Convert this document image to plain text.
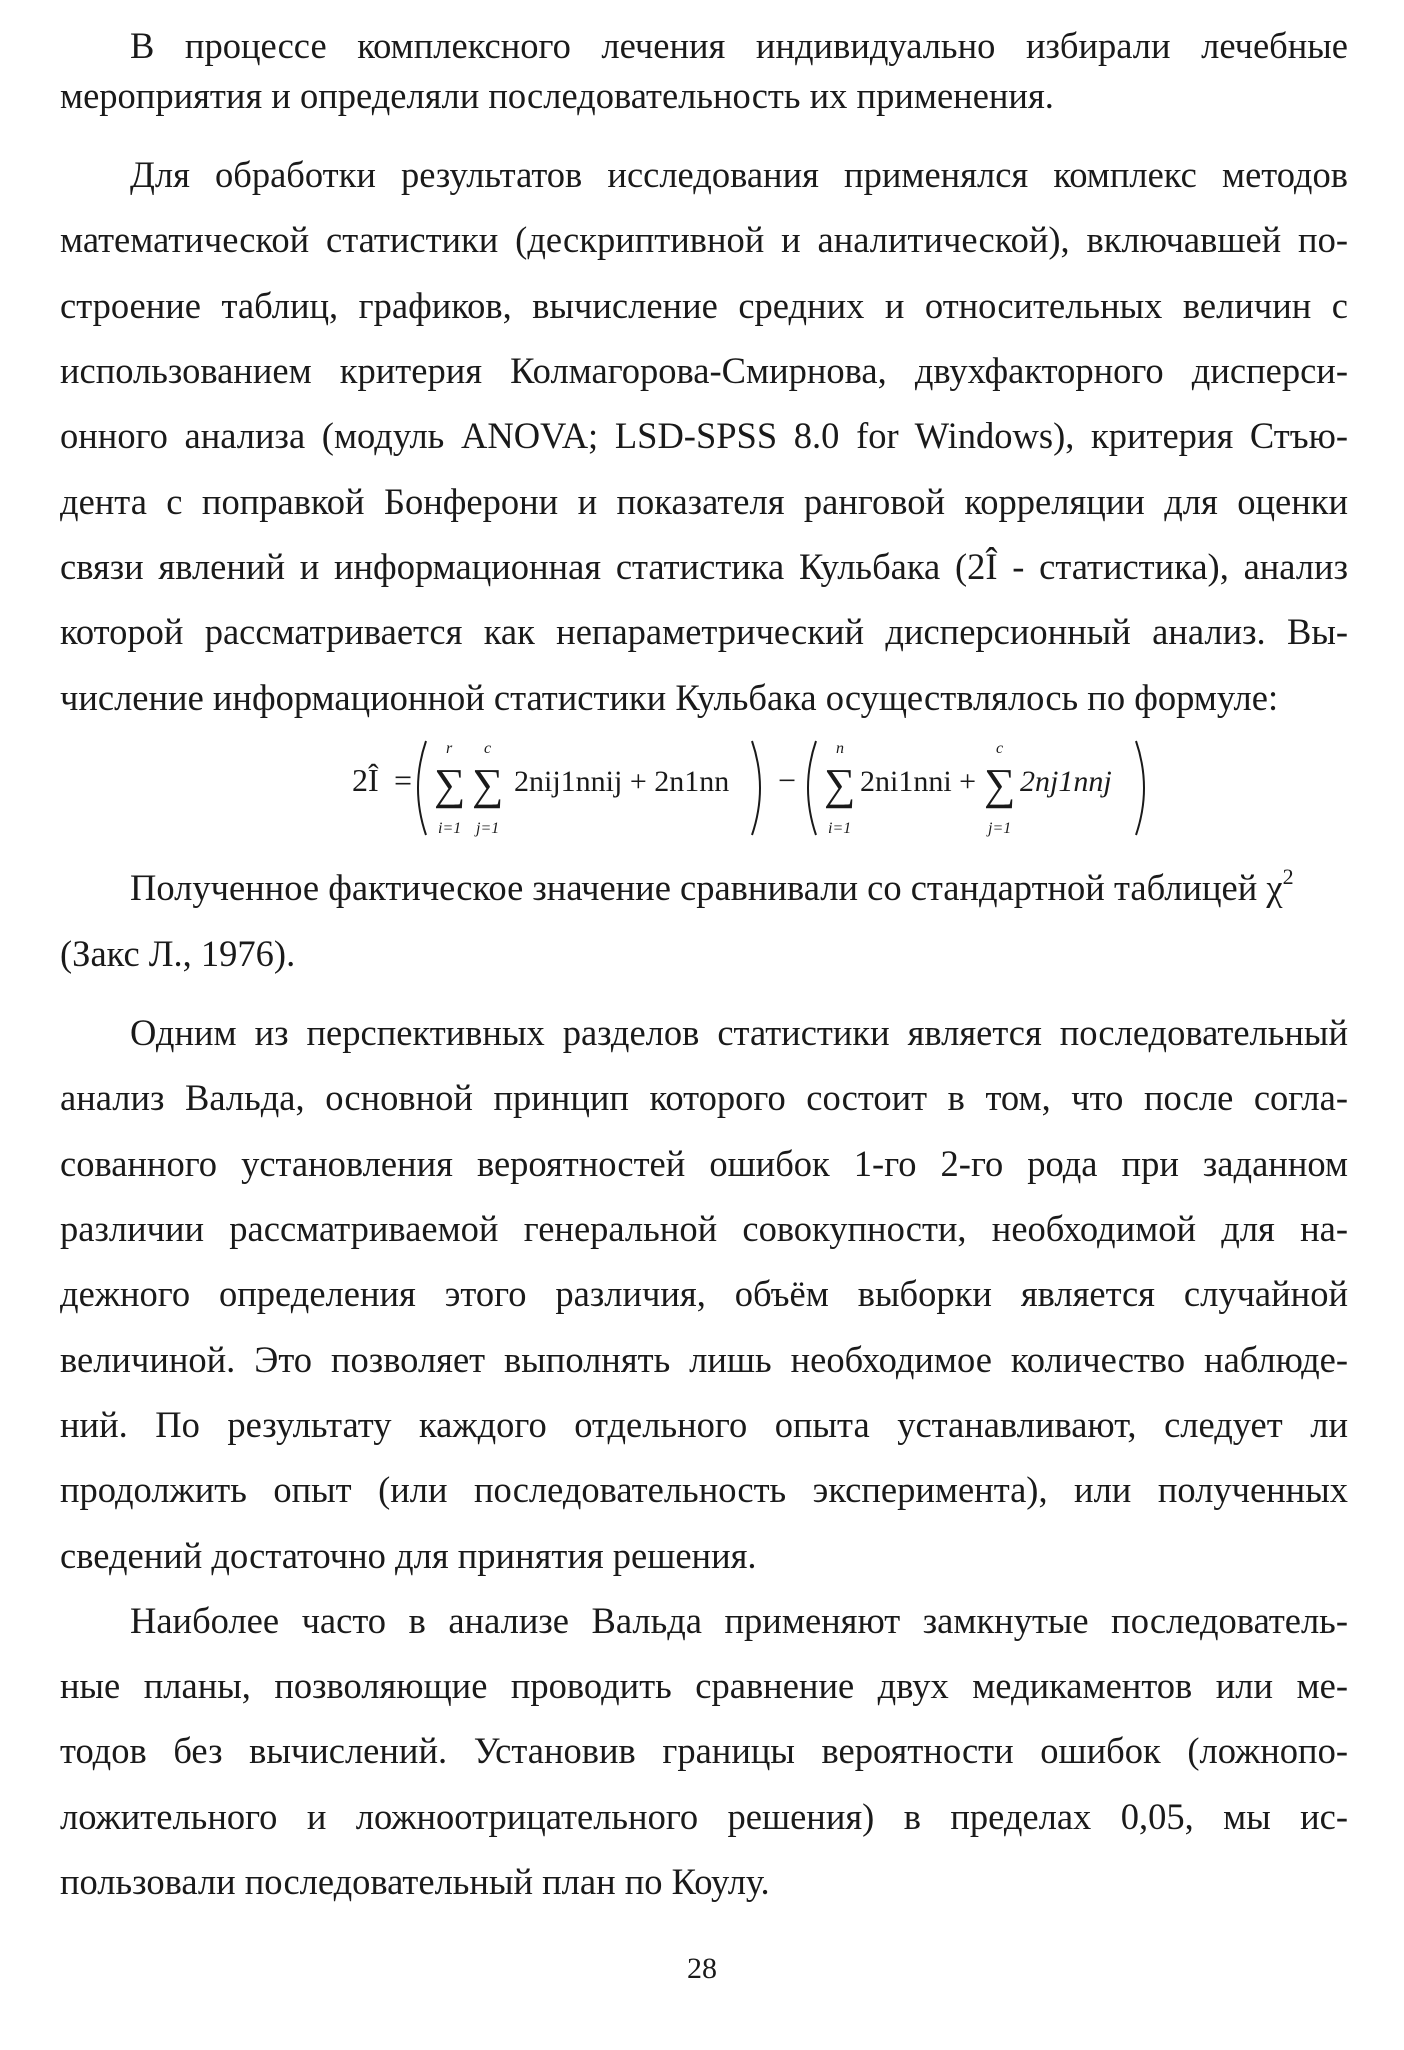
В процессе комплексного лечения индивидуально избирали лечебные
мероприятия и определяли последовательность их применения.
Для обработки результатов исследования применялся комплекс методов
математической статистики (дескриптивной и аналитической), включавшей по-
строение таблиц, графиков, вычисление средних и относительных величин с
использованием критерия Колмагорова-Смирнова, двухфакторного дисперси-
онного анализа (модуль ANOVA; LSD-SPSS 8.0 for Windows), критерия Стъю-
дента с поправкой Бонферони и показателя ранговой корреляции для оценки
связи явлений и информационная статистика Кульбака (2Î - статистика), анализ
которой рассматривается как непараметрический дисперсионный анализ. Вы-
числение информационной статистики Кульбака осуществлялось по формуле:
2Î = ∑
r
i=1
∑
c
j=1
2nij1nnij + 2n1nn − ∑
n
i=1
2ni1nni + ∑
c
j=1
2nj1nnj
Полученное фактическое значение сравнивали со стандартной таблицей $\chi^2$
(Закс Л., 1976).
Одним из перспективных разделов статистики является последовательный
анализ Вальда, основной принцип которого состоит в том, что после согла-
сованного установления вероятностей ошибок 1-го 2-го рода при заданном
различии рассматриваемой генеральной совокупности, необходимой для на-
дежного определения этого различия, объём выборки является случайной
величиной. Это позволяет выполнять лишь необходимое количество наблюде-
ний. По результату каждого отдельного опыта устанавливают, следует ли
продолжить опыт (или последовательность эксперимента), или полученных
сведений достаточно для принятия решения.
Наиболее часто в анализе Вальда применяют замкнутые последователь-
ные планы, позволяющие проводить сравнение двух медикаментов или ме-
тодов без вычислений. Установив границы вероятности ошибок (ложнопо-
ложительного и ложноотрицательного решения) в пределах 0,05, мы ис-
пользовали последовательный план по Коулу.
28
